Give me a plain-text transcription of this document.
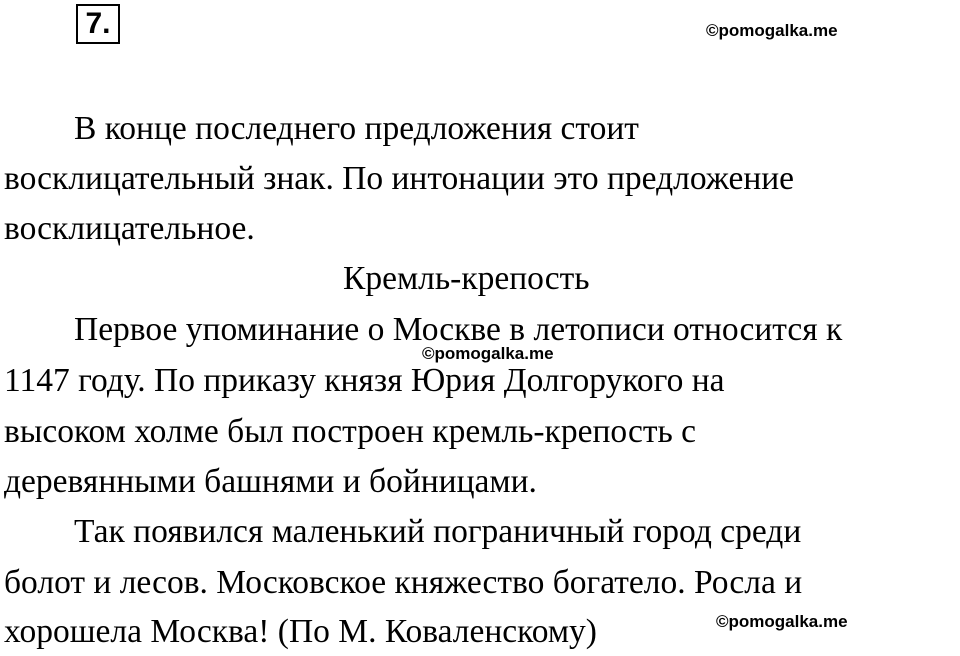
7.	©pomogalka.me
В конце последнего предложения стоит
восклицательный знак. По интонации это предложение
восклицательное.
Кремль-крепость
Первое упоминание о Москве в летописи относится к
1147 году. По приказу князя Юрия Долгорукого на
высоком холме был построен кремль-крепость с
деревянными башнями и бойницами.
Так появился маленький пограничный город среди
болот и лесов. Московское княжество богатело. Росла и
хорошела Москва! (По М. Коваленскому)
©pomogalka.me
©pomogalka.me
